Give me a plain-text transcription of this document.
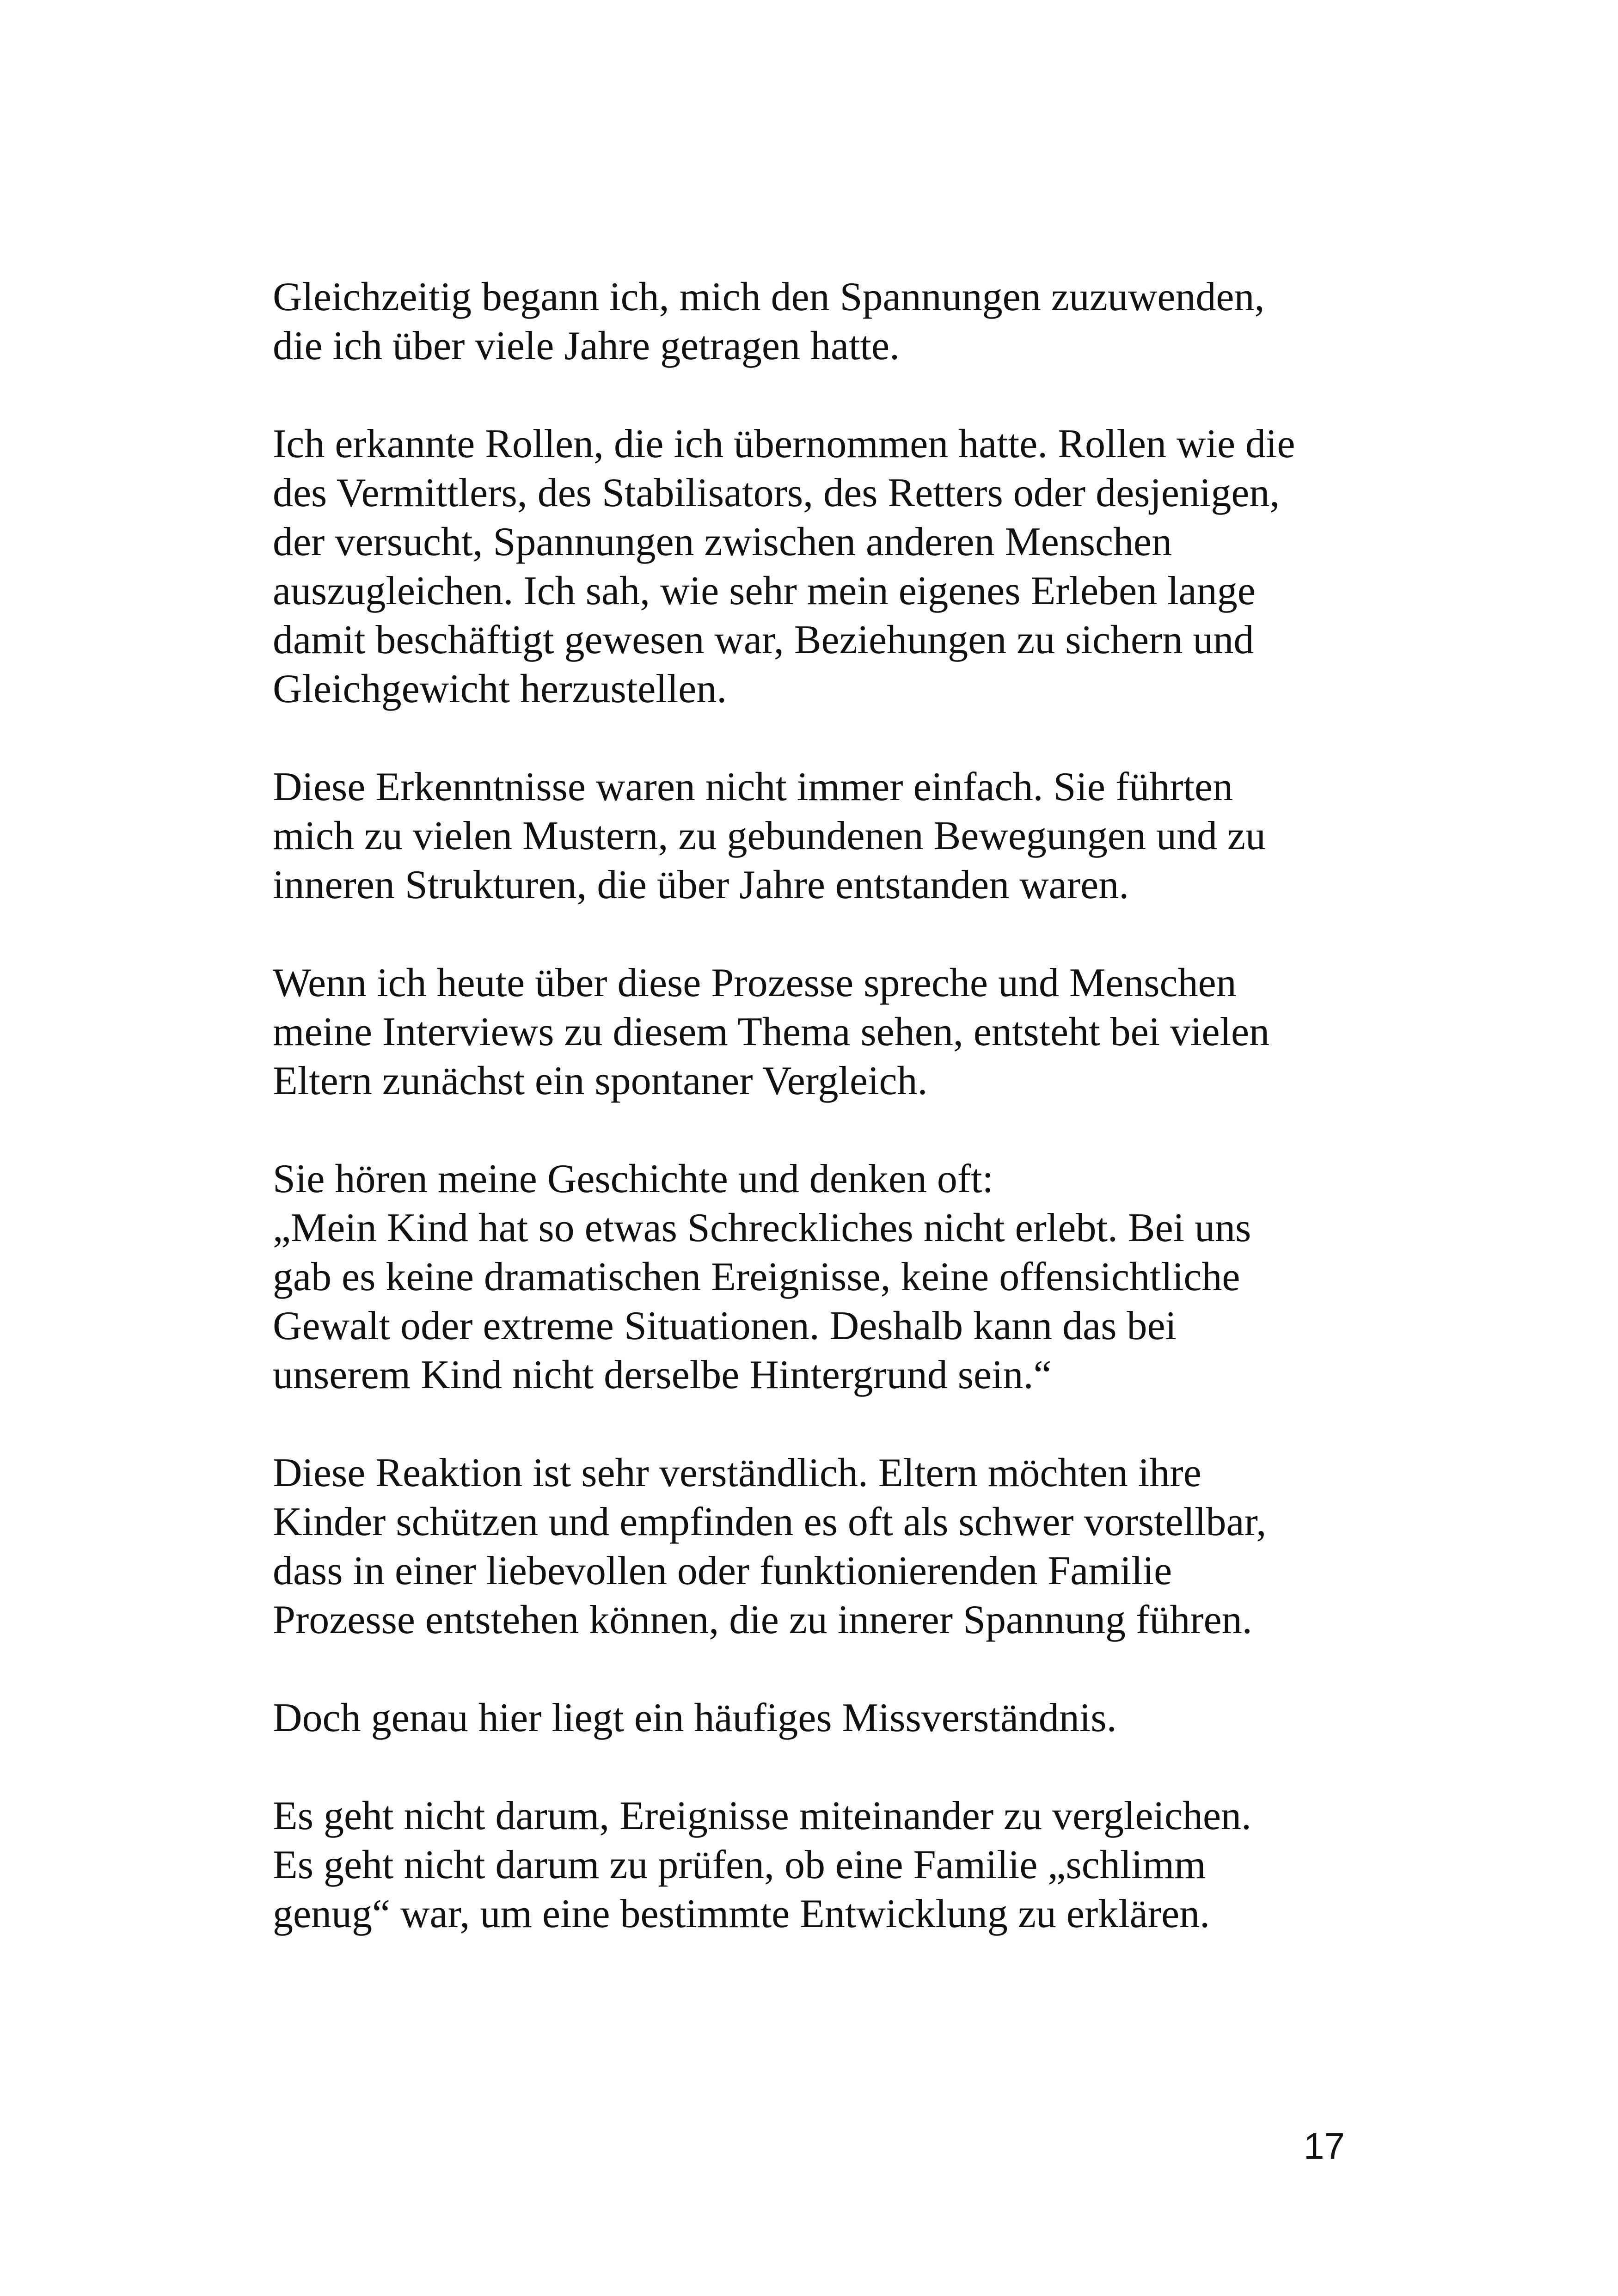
Gleichzeitig begann ich, mich den Spannungen zuzuwenden,
die ich über viele Jahre getragen hatte.

Ich erkannte Rollen, die ich übernommen hatte. Rollen wie die
des Vermittlers, des Stabilisators, des Retters oder desjenigen,
der versucht, Spannungen zwischen anderen Menschen
auszugleichen. Ich sah, wie sehr mein eigenes Erleben lange
damit beschäftigt gewesen war, Beziehungen zu sichern und
Gleichgewicht herzustellen.

Diese Erkenntnisse waren nicht immer einfach. Sie führten
mich zu vielen Mustern, zu gebundenen Bewegungen und zu
inneren Strukturen, die über Jahre entstanden waren.

Wenn ich heute über diese Prozesse spreche und Menschen
meine Interviews zu diesem Thema sehen, entsteht bei vielen
Eltern zunächst ein spontaner Vergleich.

Sie hören meine Geschichte und denken oft:
„Mein Kind hat so etwas Schreckliches nicht erlebt. Bei uns
gab es keine dramatischen Ereignisse, keine offensichtliche
Gewalt oder extreme Situationen. Deshalb kann das bei
unserem Kind nicht derselbe Hintergrund sein.“

Diese Reaktion ist sehr verständlich. Eltern möchten ihre
Kinder schützen und empfinden es oft als schwer vorstellbar,
dass in einer liebevollen oder funktionierenden Familie
Prozesse entstehen können, die zu innerer Spannung führen.

Doch genau hier liegt ein häufiges Missverständnis.

Es geht nicht darum, Ereignisse miteinander zu vergleichen.
Es geht nicht darum zu prüfen, ob eine Familie „schlimm
genug“ war, um eine bestimmte Entwicklung zu erklären.

17
